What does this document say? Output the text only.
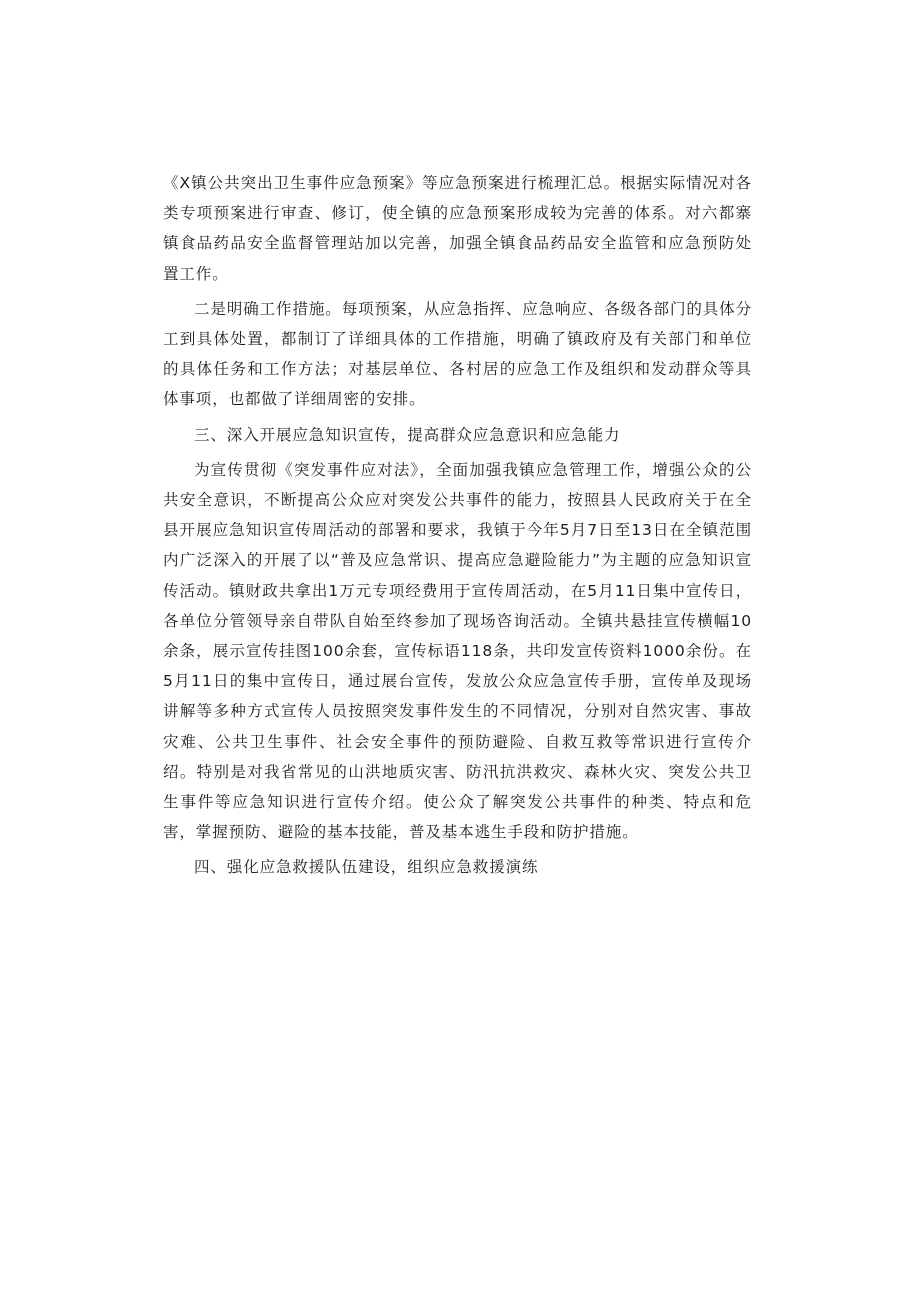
《X镇公共突出卫生事件应急预案》等应急预案进行梳理汇总。根据实际情况对各类专项预案进行审查、修订，使全镇的应急预案形成较为完善的体系。对六都寨镇食品药品安全监督管理站加以完善，加强全镇食品药品安全监管和应急预防处置工作。

二是明确工作措施。每项预案，从应急指挥、应急响应、各级各部门的具体分工到具体处置，都制订了详细具体的工作措施，明确了镇政府及有关部门和单位的具体任务和工作方法；对基层单位、各村居的应急工作及组织和发动群众等具体事项，也都做了详细周密的安排。

三、深入开展应急知识宣传，提高群众应急意识和应急能力

为宣传贯彻《突发事件应对法》，全面加强我镇应急管理工作，增强公众的公共安全意识，不断提高公众应对突发公共事件的能力，按照县人民政府关于在全县开展应急知识宣传周活动的部署和要求，我镇于今年5月7日至13日在全镇范围内广泛深入的开展了以“普及应急常识、提高应急避险能力”为主题的应急知识宣传活动。镇财政共拿出1万元专项经费用于宣传周活动，在5月11日集中宣传日，各单位分管领导亲自带队自始至终参加了现场咨询活动。全镇共悬挂宣传横幅10余条，展示宣传挂图100余套，宣传标语118条，共印发宣传资料1000余份。在5月11日的集中宣传日，通过展台宣传，发放公众应急宣传手册，宣传单及现场讲解等多种方式宣传人员按照突发事件发生的不同情况，分别对自然灾害、事故灾难、公共卫生事件、社会安全事件的预防避险、自救互救等常识进行宣传介绍。特别是对我省常见的山洪地质灾害、防汛抗洪救灾、森林火灾、突发公共卫生事件等应急知识进行宣传介绍。使公众了解突发公共事件的种类、特点和危害，掌握预防、避险的基本技能，普及基本逃生手段和防护措施。

四、强化应急救援队伍建设，组织应急救援演练
